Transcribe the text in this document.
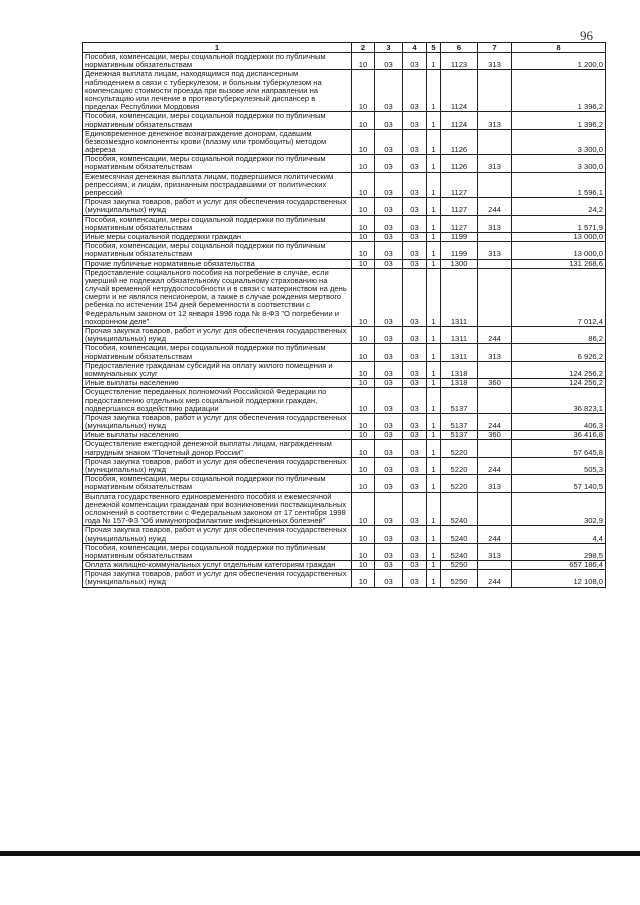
96
1	2	3	4	5	6	7	8
Пособия, компенсации, меры социальной поддержки по публичным нормативным обязательствам	10	03	03	1	1123	313	1 200,0
Денежная выплата лицам, находящимся под диспансерным наблюдением в связи с туберкулезом, и больным туберкулезом на компенсацию стоимости проезда при вызове или направлении на консультацию или лечение в противотуберкулезный диспансер в пределах Республики Мордовия	10	03	03	1	1124		1 396,2
Пособия, компенсации, меры социальной поддержки по публичным нормативным обязательствам	10	03	03	1	1124	313	1 396,2
Единовременное денежное вознаграждение донорам, сдавшим безвозмездно компоненты крови (плазму или тромбоциты) методом афереза	10	03	03	1	1126		3 300,0
Пособия, компенсации, меры социальной поддержки по публичным нормативным обязательствам	10	03	03	1	1126	313	3 300,0
Ежемесячная денежная выплата лицам, подвергшимся политическим репрессиям, и лицам, признанным пострадавшими от политических репрессий	10	03	03	1	1127		1 596,1
Прочая закупка товаров, работ и услуг для обеспечения государственных (муниципальных) нужд	10	03	03	1	1127	244	24,2
Пособия, компенсации, меры социальной поддержки по публичным нормативным обязательствам	10	03	03	1	1127	313	1 571,9
Иные меры социальной поддержки граждан	10	03	03	1	1199		13 000,0
Пособия, компенсации, меры социальной поддержки по публичным нормативным обязательствам	10	03	03	1	1199	313	13 000,0
Прочие публичные нормативные обязательства	10	03	03	1	1300		131 268,6
Предоставление социального пособия на погребение в случае, если умерший не подлежал обязательному социальному страхованию на случай временной нетрудоспособности и в связи с материнством на день смерти и не являлся пенсионером, а также в случае рождения мертвого ребенка по истечении 154 дней беременности в соответствии с Федеральным законом от 12 января 1996 года № 8-ФЗ "О погребении и похоронном деле"	10	03	03	1	1311		7 012,4
Прочая закупка товаров, работ и услуг для обеспечения государственных (муниципальных) нужд	10	03	03	1	1311	244	86,2
Пособия, компенсации, меры социальной поддержки по публичным нормативным обязательствам	10	03	03	1	1311	313	6 926,2
Предоставление гражданам субсидий на оплату жилого помещения и коммунальных услуг	10	03	03	1	1318		124 256,2
Иные выплаты населению	10	03	03	1	1318	360	124 256,2
Осуществление переданных полномочий Российской Федерации по предоставлению отдельных мер социальной поддержки граждан, подвергшихся воздействию радиации	10	03	03	1	5137		36 823,1
Прочая закупка товаров, работ и услуг для обеспечения государственных (муниципальных) нужд	10	03	03	1	5137	244	406,3
Иные выплаты населению	10	03	03	1	5137	360	36 416,8
Осуществление ежегодной денежной выплаты лицам, награжденным нагрудным знаком "Почетный донор России"	10	03	03	1	5220		57 645,8
Прочая закупка товаров, работ и услуг для обеспечения государственных (муниципальных) нужд	10	03	03	1	5220	244	505,3
Пособия, компенсации, меры социальной поддержки по публичным нормативным обязательствам	10	03	03	1	5220	313	57 140,5
Выплата государственного единовременного пособия и ежемесячной денежной компенсации гражданам при возникновении поствакцинальных осложнений в соответствии с Федеральным законом от 17 сентября 1998 года № 157-ФЗ "Об иммунопрофилактике инфекционных болезней"	10	03	03	1	5240		302,9
Прочая закупка товаров, работ и услуг для обеспечения государственных (муниципальных) нужд	10	03	03	1	5240	244	4,4
Пособия, компенсации, меры социальной поддержки по публичным нормативным обязательствам	10	03	03	1	5240	313	298,5
Оплата жилищно-коммунальных услуг отдельным категориям граждан	10	03	03	1	5250		657 186,4
Прочая закупка товаров, работ и услуг для обеспечения государственных (муниципальных) нужд	10	03	03	1	5250	244	12 108,0
